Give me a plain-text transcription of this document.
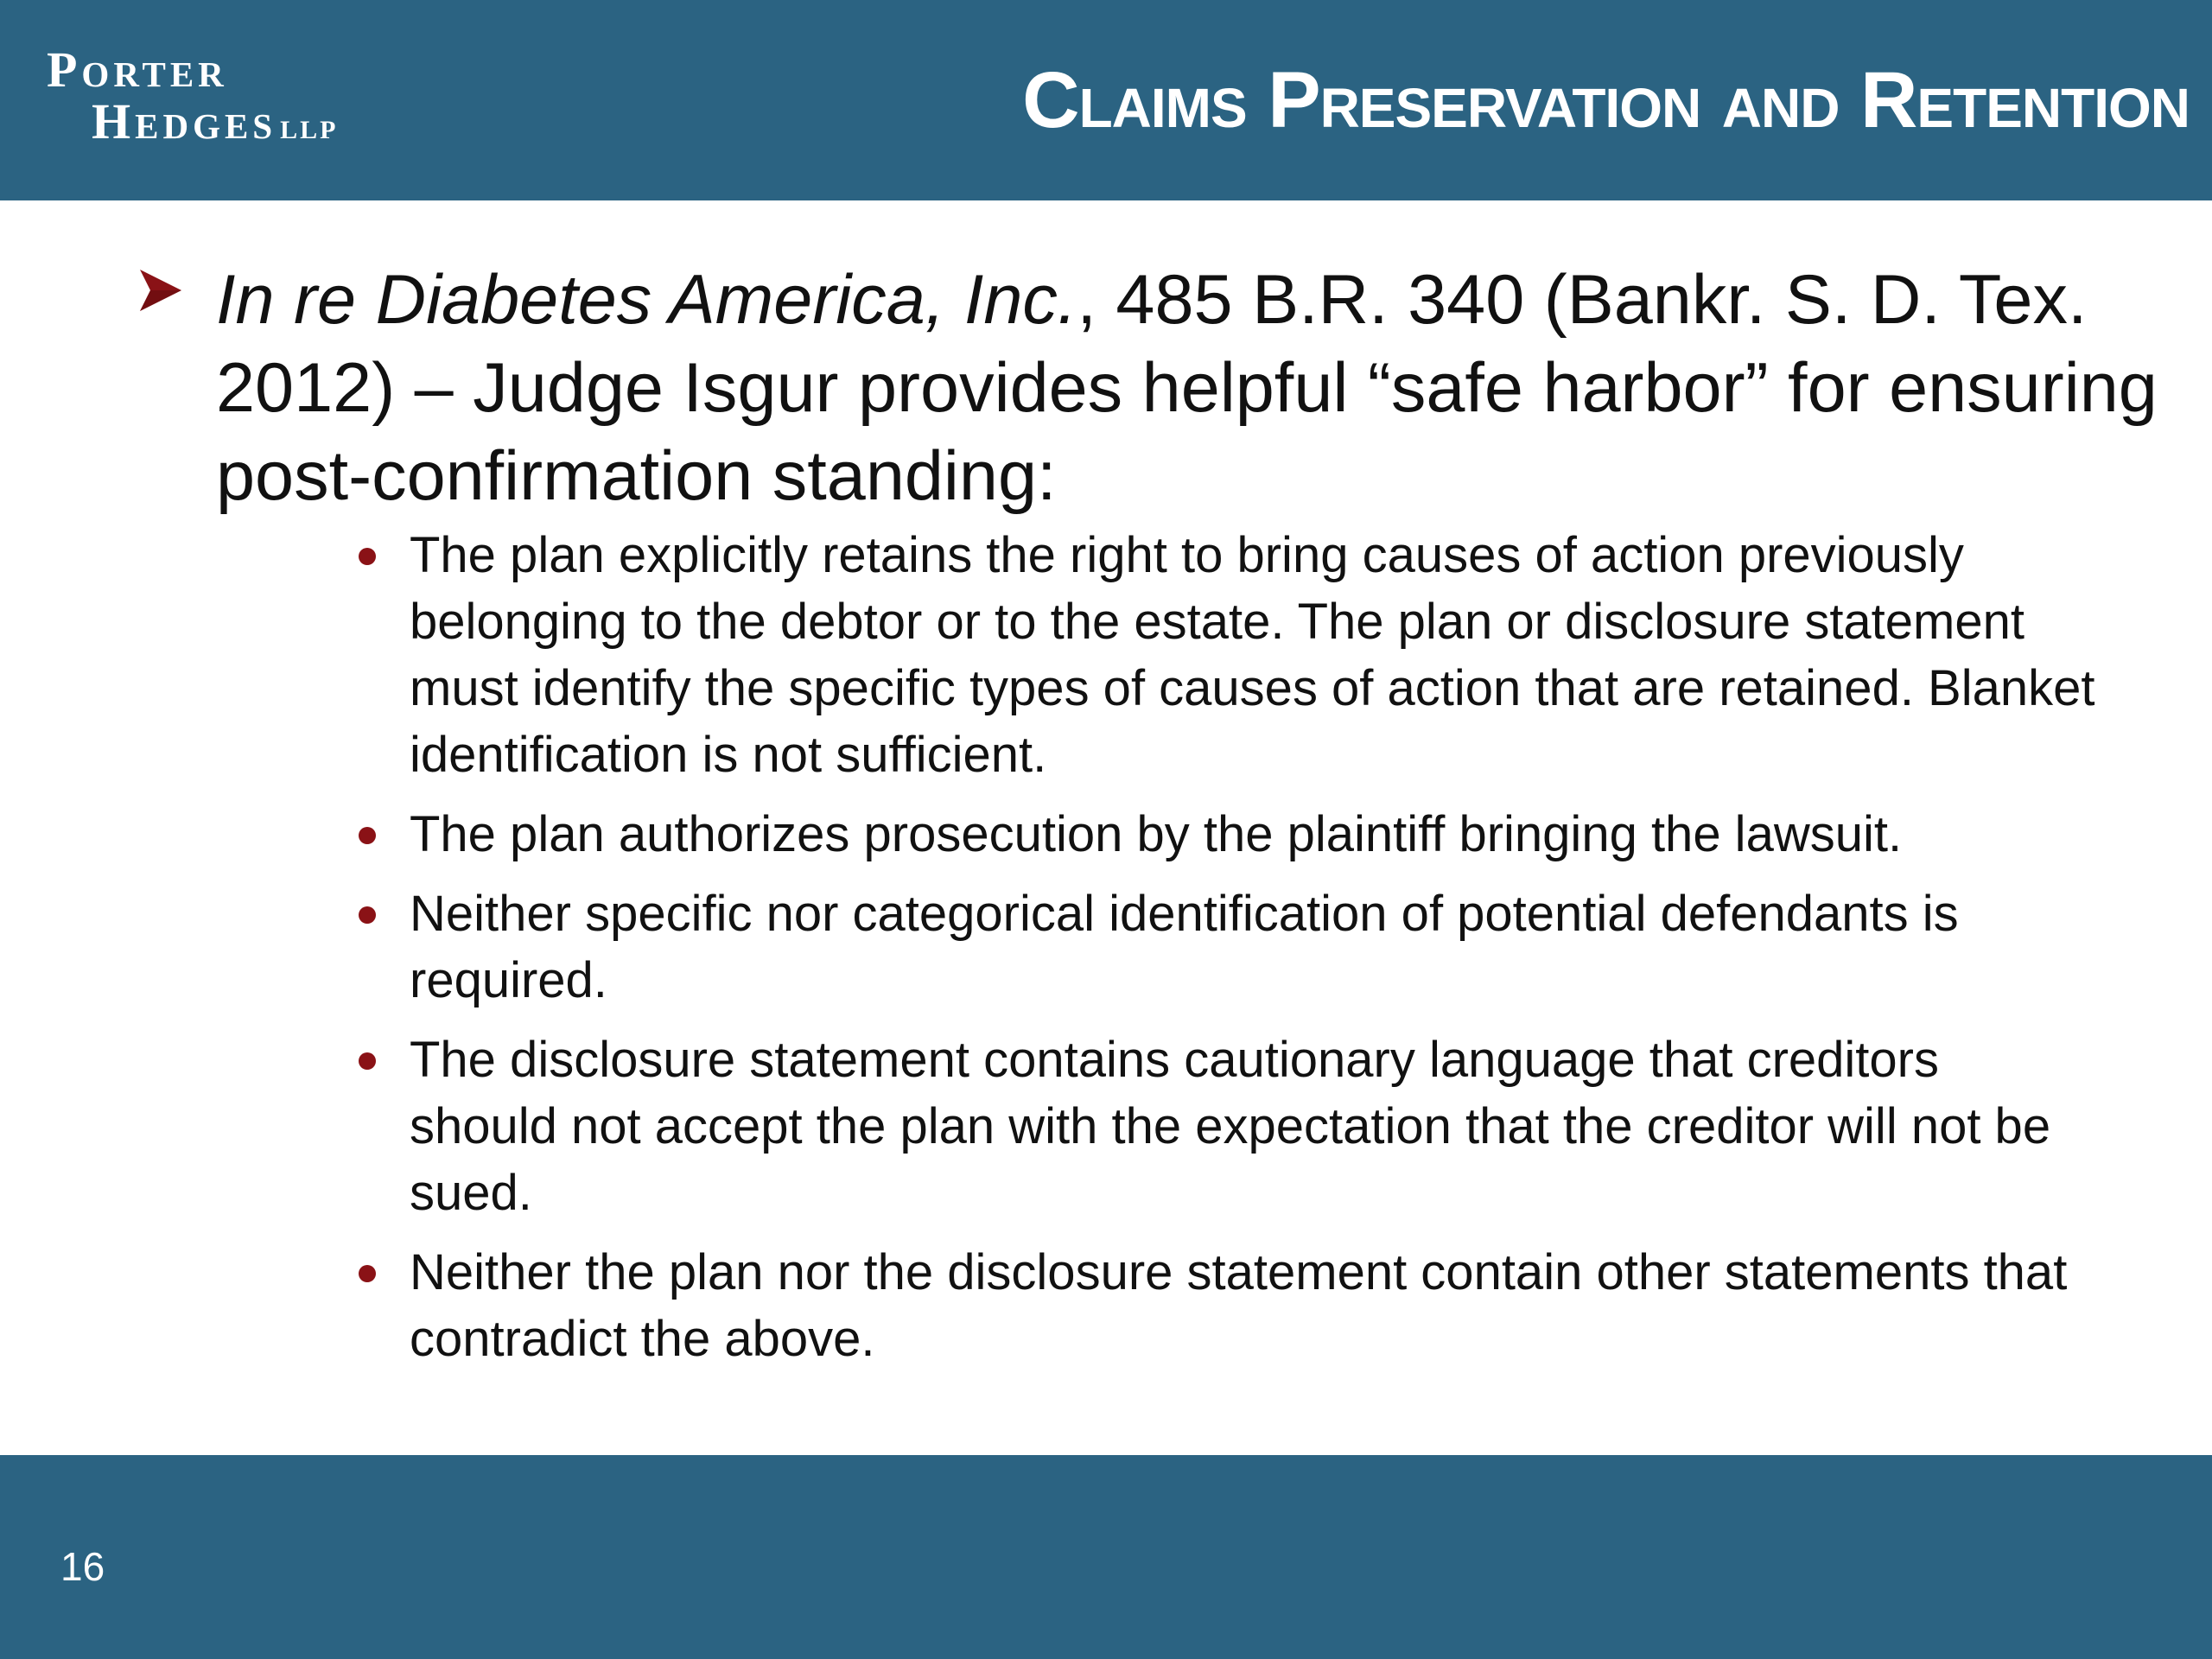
Porter
Hedges LLP	Claims Preservation and Retention
In re Diabetes America, Inc., 485 B.R. 340 (Bankr. S. D. Tex. 2012) – Judge Isgur provides helpful “safe harbor” for ensuring post-confirmation standing:
The plan explicitly retains the right to bring causes of action previously belonging to the debtor or to the estate. The plan or disclosure statement must identify the specific types of causes of action that are retained. Blanket identification is not sufficient.
The plan authorizes prosecution by the plaintiff bringing the lawsuit.
Neither specific nor categorical identification of potential defendants is required.
The disclosure statement contains cautionary language that creditors should not accept the plan with the expectation that the creditor will not be sued.
Neither the plan nor the disclosure statement contain other statements that contradict the above.
16
